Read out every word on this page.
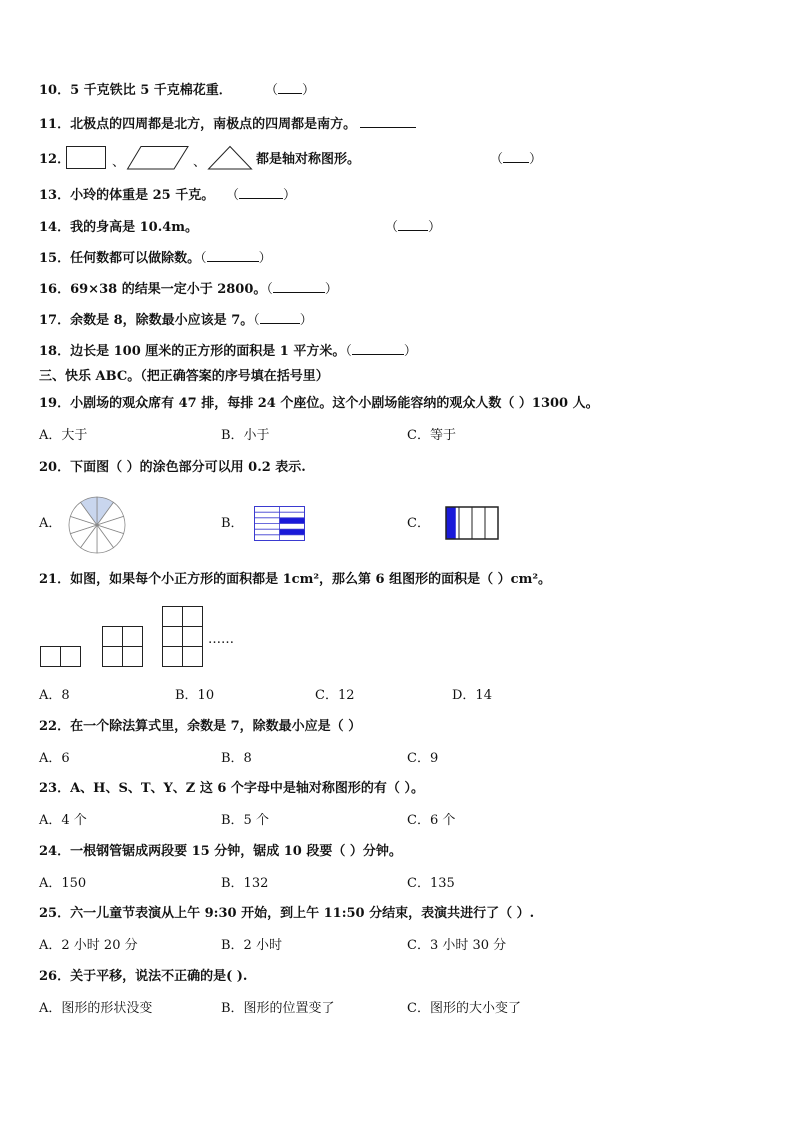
10．5 千克铁比 5 千克棉花重．	（ ）
11．北极点的四周都是北方，南极点的四周都是南方。
12．	、	、	都是轴对称图形。	（ ）
13．小玲的体重是 25 千克。 （	）
14．我的身高是 10.4m。	（ ）
15．任何数都可以做除数。（	）
16．69×38 的结果一定小于 2800。（	）
17．余数是 8，除数最小应该是 7。（	）
18．边长是 100 厘米的正方形的面积是 1 平方米。（	）
三、快乐 ABC。（把正确答案的序号填在括号里）
19．小剧场的观众席有 47 排，每排 24 个座位。这个小剧场能容纳的观众人数（ ）1300 人。
A．大于	B．小于	C．等于
20．下面图（ ）的涂色部分可以用 0.2 表示.
A．	B．	C．
21．如图，如果每个小正方形的面积都是 1cm²，那么第 6 组图形的面积是（ ）cm²。
……
A．8	B．10	C．12	D．14
22．在一个除法算式里，余数是 7，除数最小应是（ ）
A．6	B．8	C．9
23．A、H、S、T、Y、Z 这 6 个字母中是轴对称图形的有（ ）。
A．4 个	B．5 个	C．6 个
24．一根钢管锯成两段要 15 分钟，锯成 10 段要（ ）分钟。
A．150	B．132	C．135
25．六一儿童节表演从上午 9:30 开始，到上午 11:50 分结束，表演共进行了（ ）.
A．2 小时 20 分	B．2 小时	C．3 小时 30 分
26．关于平移，说法不正确的是( ).
A．图形的形状没变	B．图形的位置变了	C．图形的大小变了
